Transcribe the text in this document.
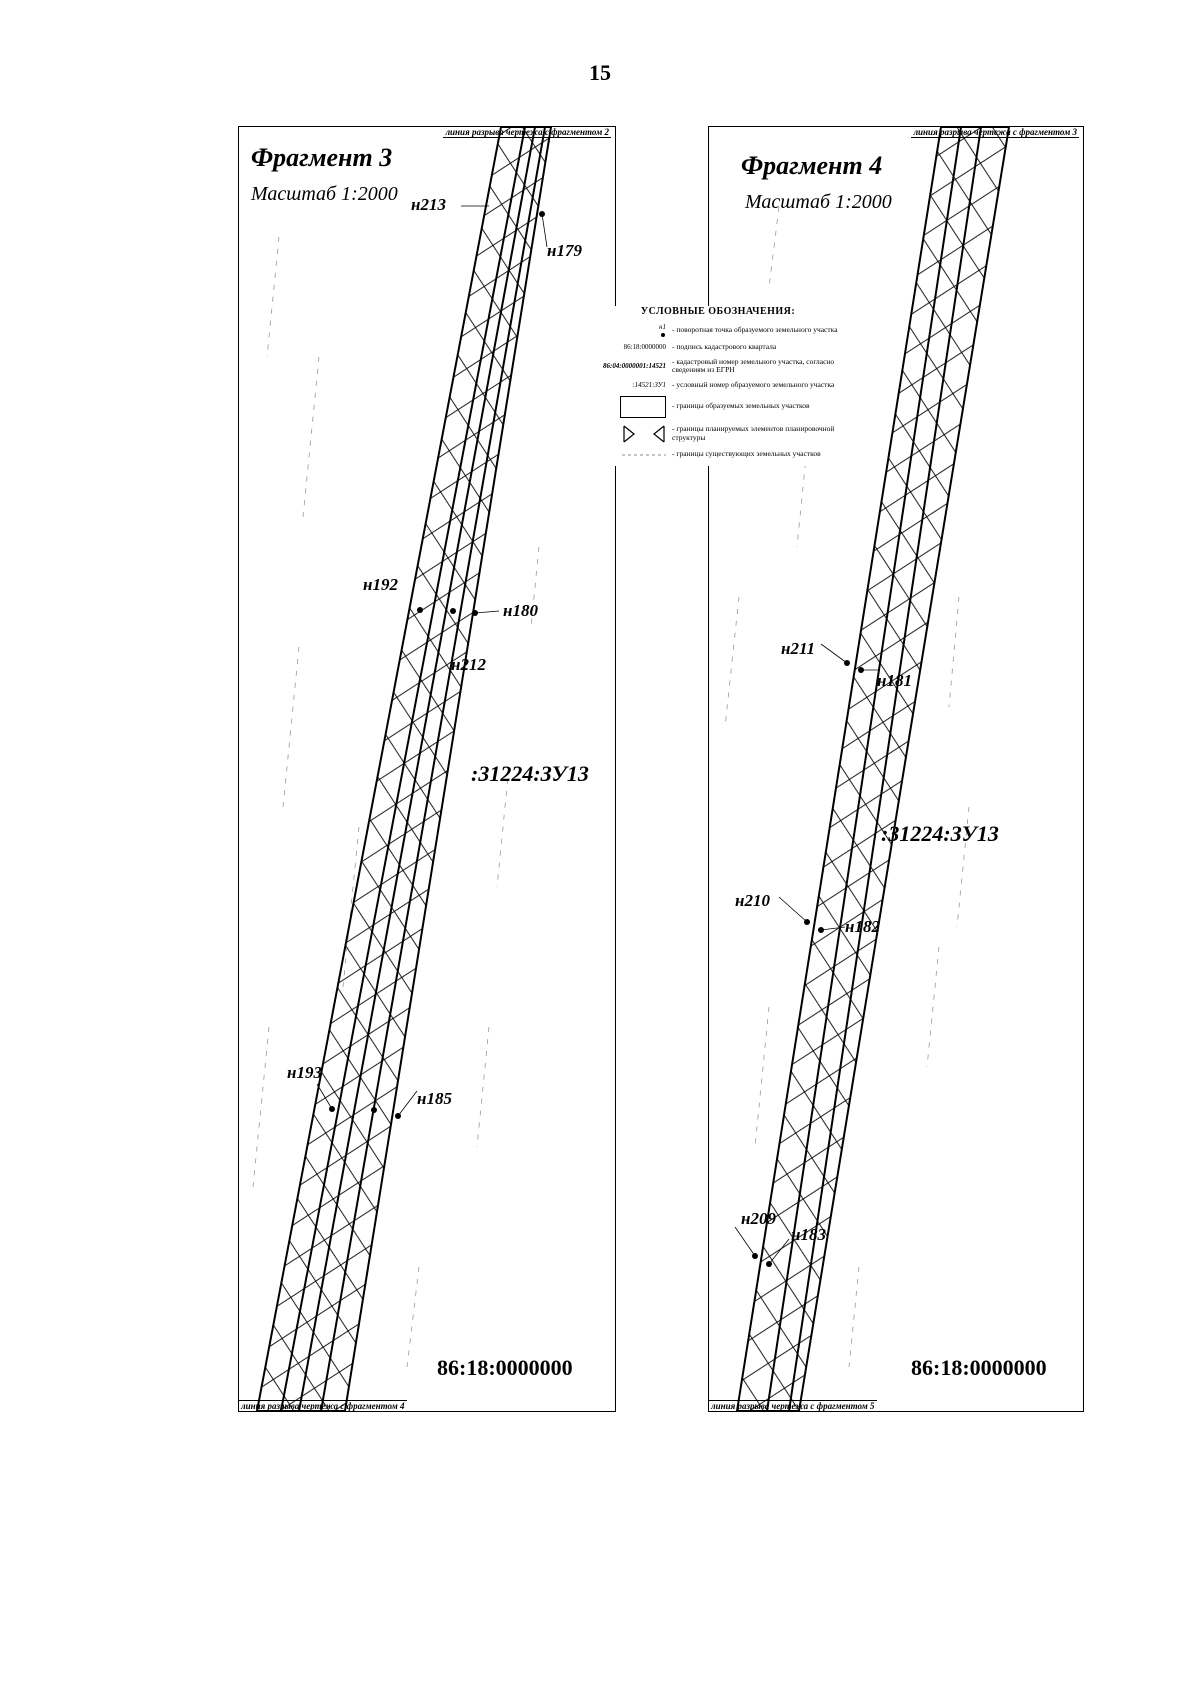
15
линия разрыва чертежа с фрагментом 2
Фрагмент 3
Масштаб 1:2000 н213
н179
н192
н180
н212
:31224:ЗУ13
н193
н185
86:18:0000000
линия разрыва чертежа с фрагментом 4
линия разрыва чертежа с фрагментом 3
Фрагмент 4
Масштаб 1:2000
н211
н181
:31224:ЗУ13
н210
н182
н209
н183
86:18:0000000
линия разрыва чертежа с фрагментом 5
УСЛОВНЫЕ ОБОЗНАЧЕНИЯ:
н1 - поворотная точка образуемого земельного участка
86:18:0000000 - подпись кадастрового квартала
86:04:0000001:14521
- кадастровый номер земельного участка, согласно сведениям из ЕГРН
:14521:ЗУ1 - условный номер образуемого земельного участка
- границы образуемых земельных участков
- границы планируемых элементов планировочной структуры
- границы существующих земельных участков
